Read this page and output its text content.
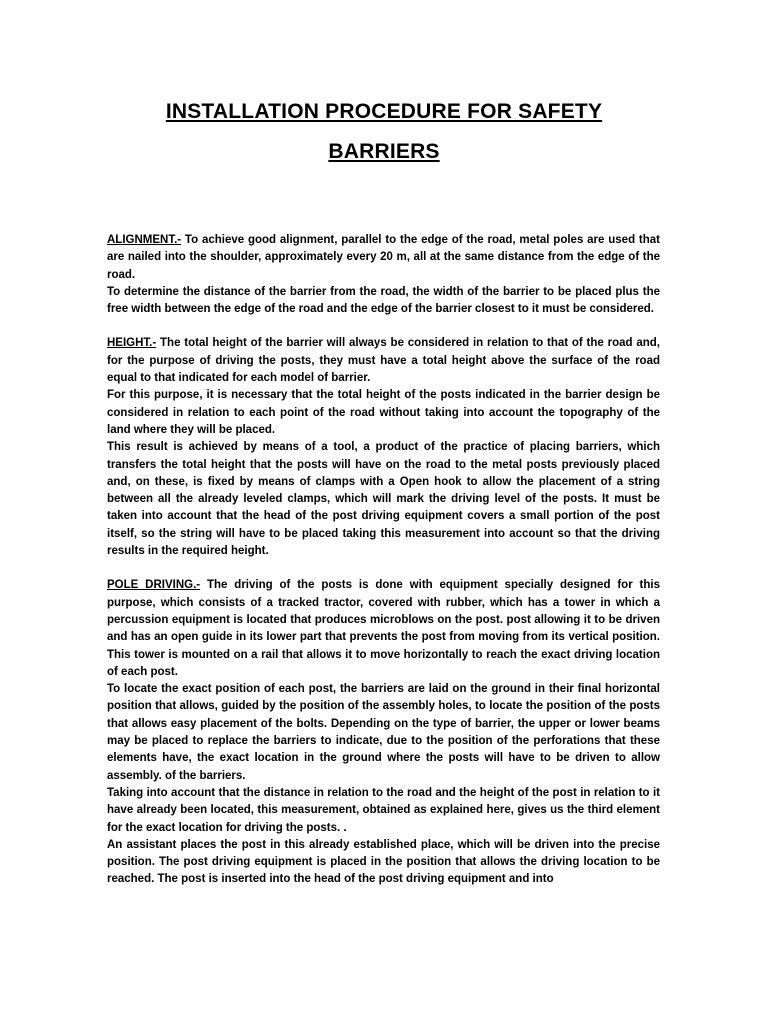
INSTALLATION PROCEDURE FOR SAFETY
BARRIERS

ALIGNMENT.- To achieve good alignment, parallel to the edge of the road, metal poles are used that are nailed into the shoulder, approximately every 20 m, all at the same distance from the edge of the road.

To determine the distance of the barrier from the road, the width of the barrier to be placed plus the free width between the edge of the road and the edge of the barrier closest to it must be considered.

HEIGHT.- The total height of the barrier will always be considered in relation to that of the road and, for the purpose of driving the posts, they must have a total height above the surface of the road equal to that indicated for each model of barrier.

For this purpose, it is necessary that the total height of the posts indicated in the barrier design be considered in relation to each point of the road without taking into account the topography of the land where they will be placed.

This result is achieved by means of a tool, a product of the practice of placing barriers, which transfers the total height that the posts will have on the road to the metal posts previously placed and, on these, is fixed by means of clamps with a Open hook to allow the placement of a string between all the already leveled clamps, which will mark the driving level of the posts. It must be taken into account that the head of the post driving equipment covers a small portion of the post itself, so the string will have to be placed taking this measurement into account so that the driving results in the required height.

POLE DRIVING.- The driving of the posts is done with equipment specially designed for this purpose, which consists of a tracked tractor, covered with rubber, which has a tower in which a percussion equipment is located that produces microblows on the post. post allowing it to be driven and has an open guide in its lower part that prevents the post from moving from its vertical position. This tower is mounted on a rail that allows it to move horizontally to reach the exact driving location of each post.

To locate the exact position of each post, the barriers are laid on the ground in their final horizontal position that allows, guided by the position of the assembly holes, to locate the position of the posts that allows easy placement of the bolts. Depending on the type of barrier, the upper or lower beams may be placed to replace the barriers to indicate, due to the position of the perforations that these elements have, the exact location in the ground where the posts will have to be driven to allow assembly. of the barriers.

Taking into account that the distance in relation to the road and the height of the post in relation to it have already been located, this measurement, obtained as explained here, gives us the third element for the exact location for driving the posts. .

An assistant places the post in this already established place, which will be driven into the precise position. The post driving equipment is placed in the position that allows the driving location to be reached. The post is inserted into the head of the post driving equipment and into
